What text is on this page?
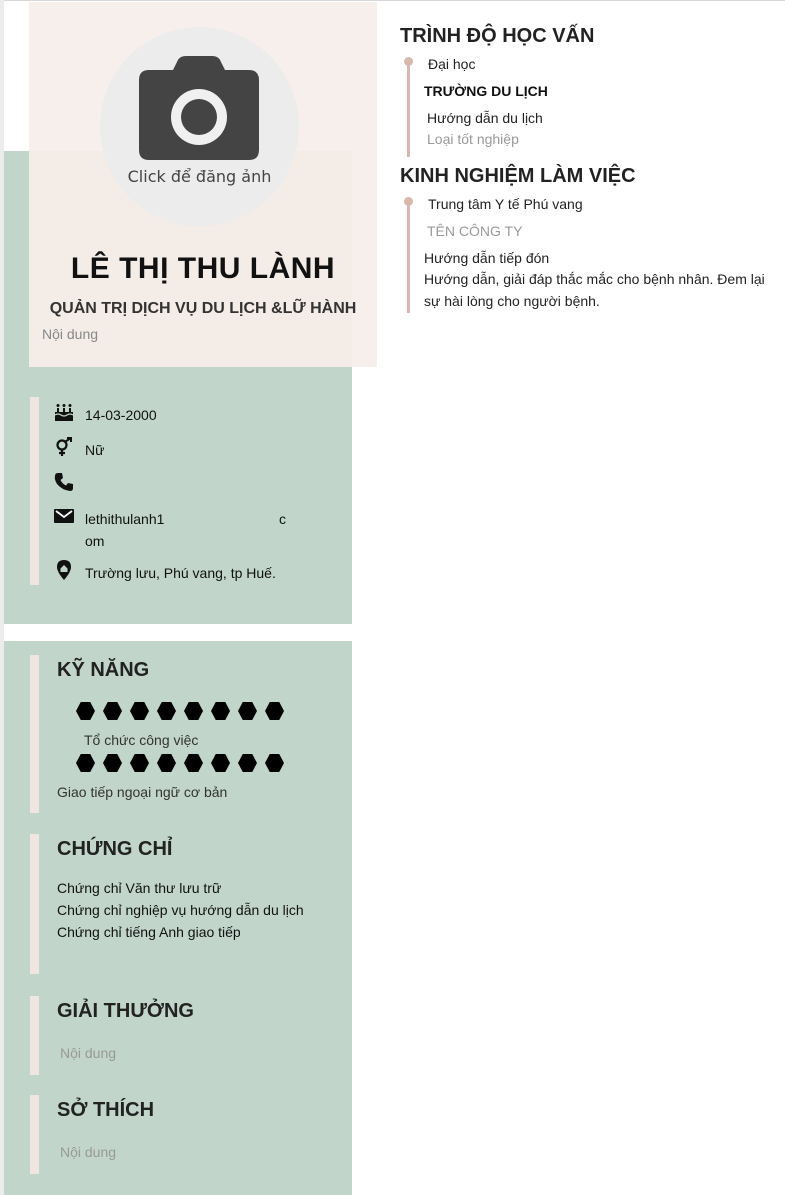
Click để đăng ảnh
LÊ THỊ THU LÀNH
QUẢN TRỊ DỊCH VỤ DU LỊCH &LỮ HÀNH
Nội dung
14-03-2000
Nữ
lethithulanh1	c
om
Trường lưu, Phú vang, tp Huế.
KỸ NĂNG
Tổ chức công việc
Giao tiếp ngoại ngữ cơ bản
CHỨNG CHỈ
Chứng chỉ Văn thư lưu trữ
Chứng chỉ nghiệp vụ hướng dẫn du lịch
Chứng chỉ tiếng Anh giao tiếp
GIẢI THƯỞNG
Nội dung
SỞ THÍCH
Nội dung
TRÌNH ĐỘ HỌC VẤN
Đại học
TRƯỜNG DU LỊCH
Hướng dẫn du lịch
Loại tốt nghiệp
KINH NGHIỆM LÀM VIỆC
Trung tâm Y tế Phú vang
TÊN CÔNG TY
Hướng dẫn tiếp đón
Hướng dẫn, giải đáp thắc mắc cho bệnh nhân. Đem lại sự hài lòng cho người bệnh.
